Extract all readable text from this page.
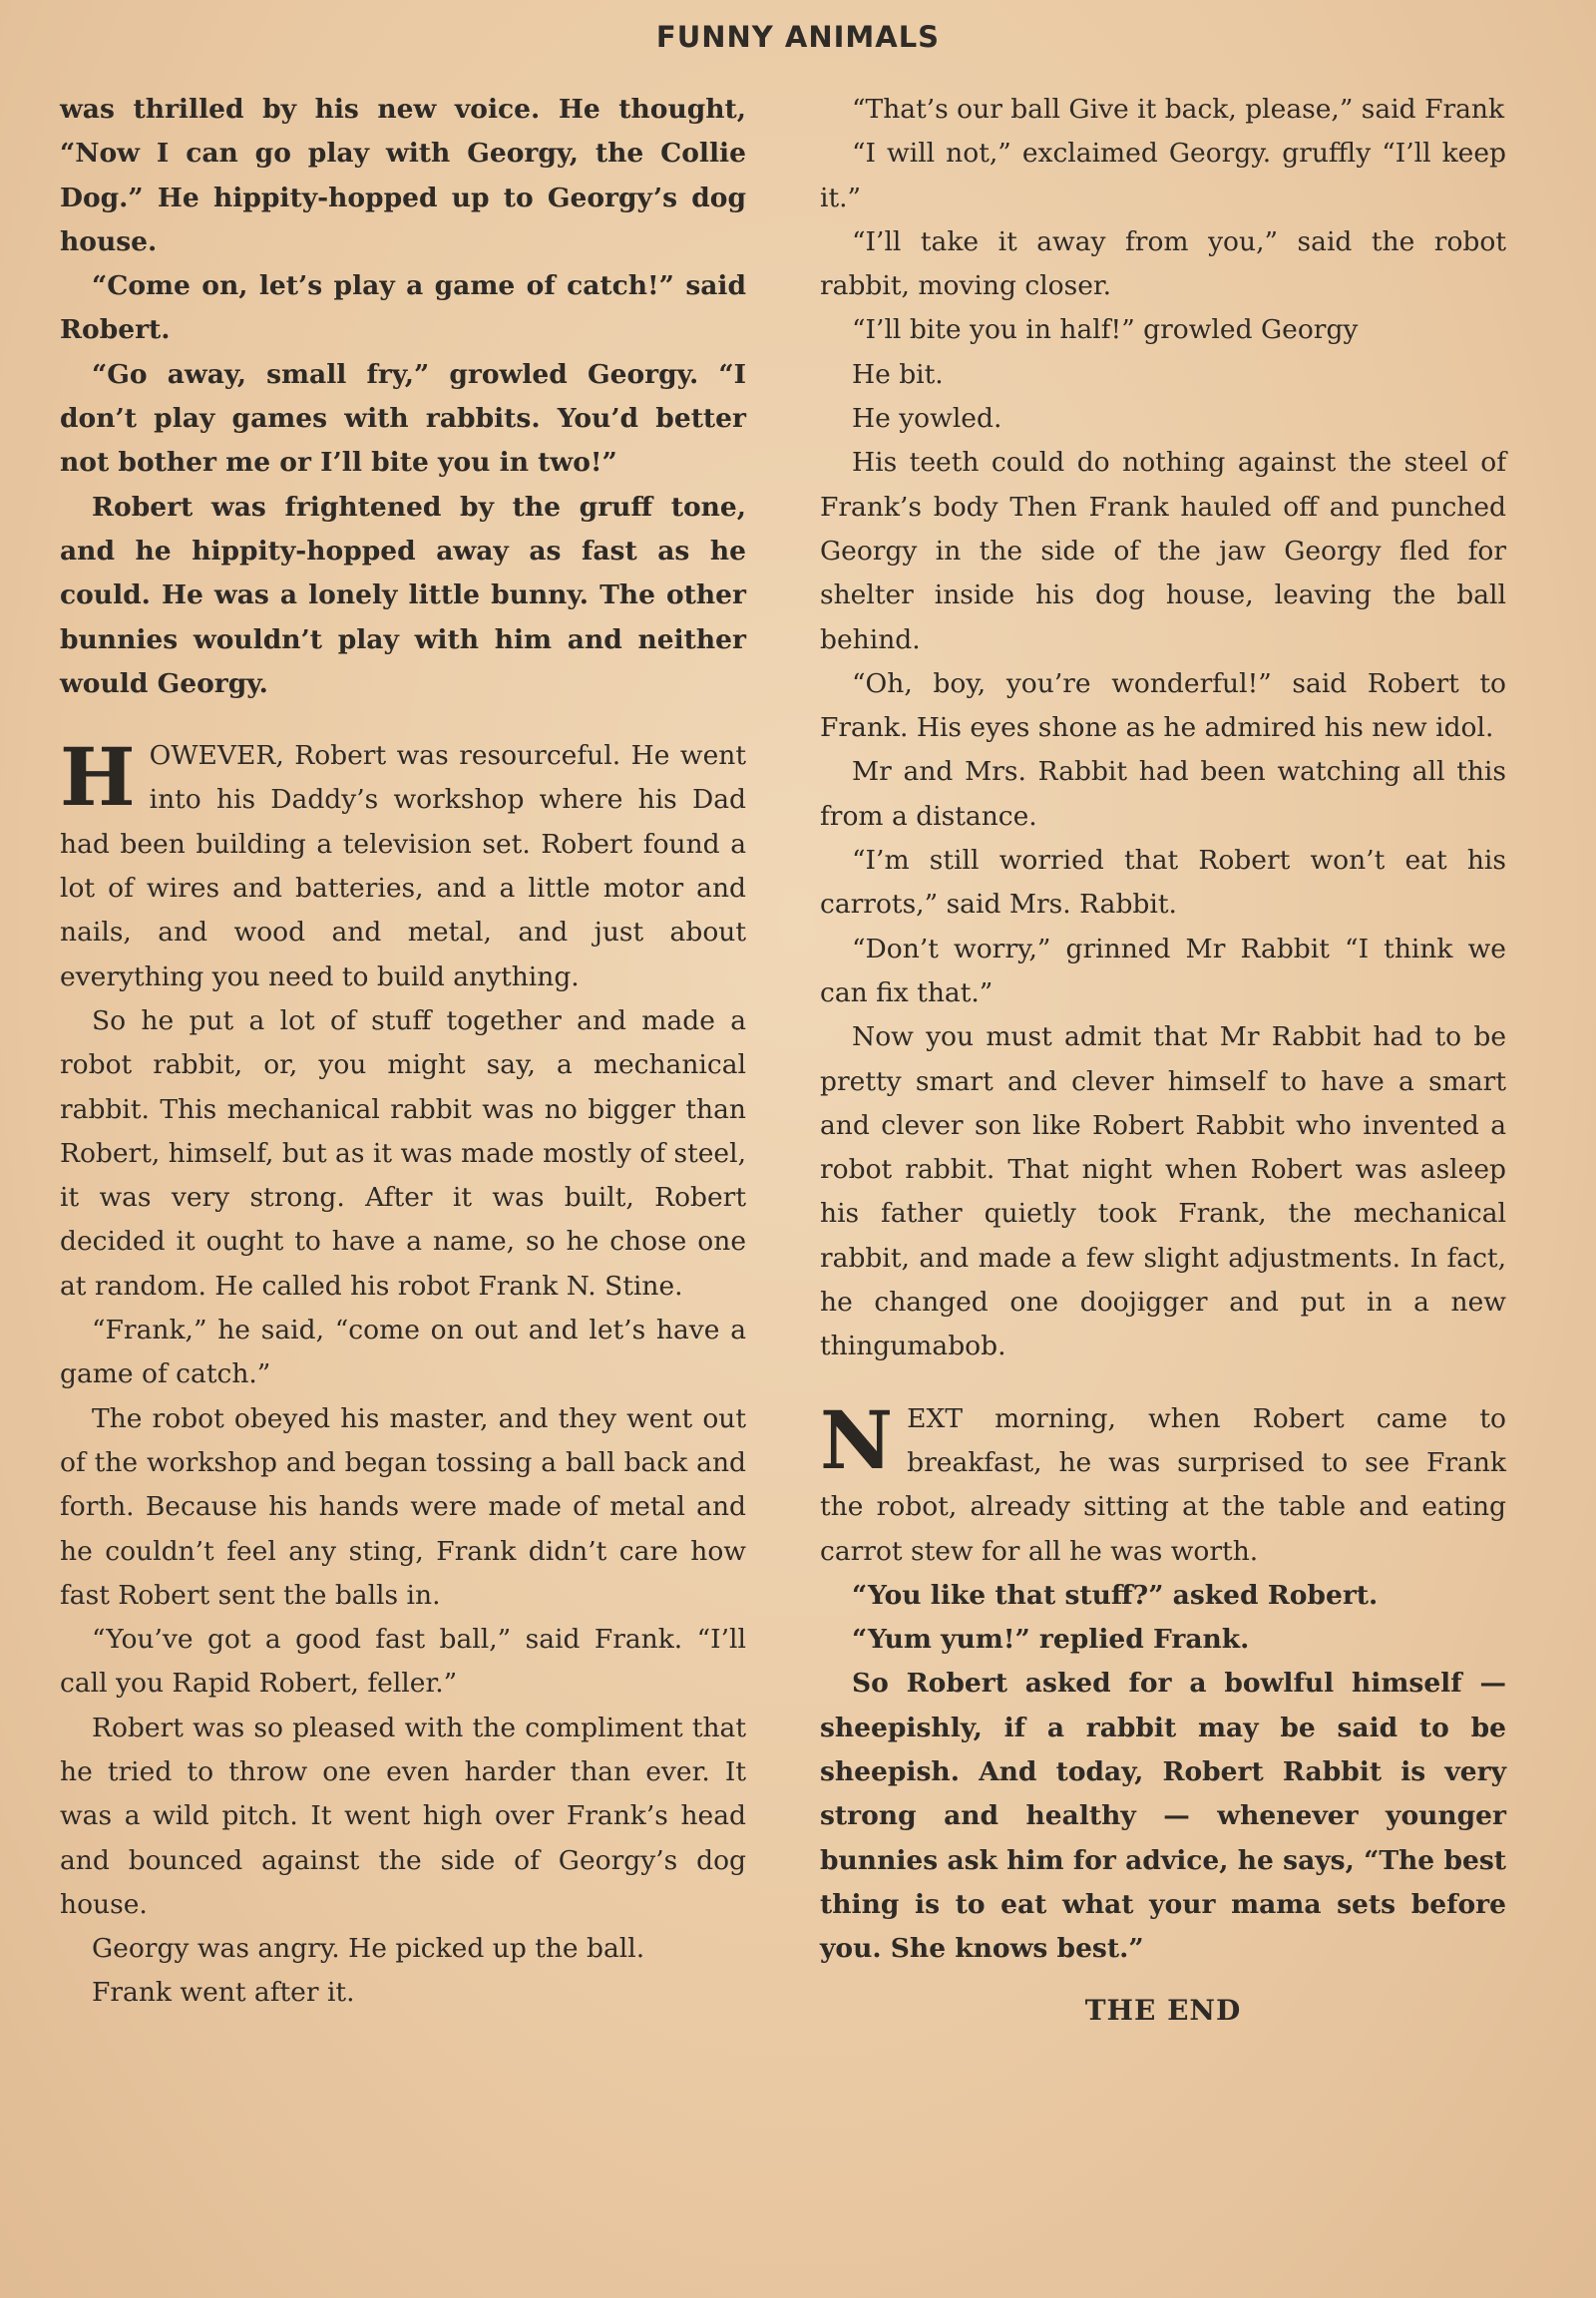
FUNNY ANIMALS

was thrilled by his new voice. He thought, “Now I can go play with Georgy, the Collie Dog.” He hippity-hopped up to Georgy’s dog house.

“Come on, let’s play a game of catch!” said Robert.

“Go away, small fry,” growled Georgy. “I don’t play games with rabbits. You’d better not bother me or I’ll bite you in two!”

Robert was frightened by the gruff tone, and he hippity-hopped away as fast as he could. He was a lonely little bunny. The other bunnies wouldn’t play with him and neither would Georgy.

HOWEVER, Robert was resourceful. He went into his Daddy’s workshop where his Dad had been building a television set. Robert found a lot of wires and batteries, and a little motor and nails, and wood and metal, and just about everything you need to build anything.

So he put a lot of stuff together and made a robot rabbit, or, you might say, a mechanical rabbit. This mechanical rabbit was no bigger than Robert, himself, but as it was made mostly of steel, it was very strong. After it was built, Robert decided it ought to have a name, so he chose one at random. He called his robot Frank N. Stine.

“Frank,” he said, “come on out and let’s have a game of catch.”

The robot obeyed his master, and they went out of the workshop and began tossing a ball back and forth. Because his hands were made of metal and he couldn’t feel any sting, Frank didn’t care how fast Robert sent the balls in.

“You’ve got a good fast ball,” said Frank. “I’ll call you Rapid Robert, feller.”

Robert was so pleased with the compliment that he tried to throw one even harder than ever. It was a wild pitch. It went high over Frank’s head and bounced against the side of Georgy’s dog house.

Georgy was angry. He picked up the ball.

Frank went after it.

“That’s our ball Give it back, please,” said Frank

“I will not,” exclaimed Georgy. gruffly “I’ll keep it.”

“I’ll take it away from you,” said the robot rabbit, moving closer.

“I’ll bite you in half!” growled Georgy

He bit.

He yowled.

His teeth could do nothing against the steel of Frank’s body Then Frank hauled off and punched Georgy in the side of the jaw Georgy fled for shelter inside his dog house, leaving the ball behind.

“Oh, boy, you’re wonderful!” said Robert to Frank. His eyes shone as he admired his new idol.

Mr and Mrs. Rabbit had been watching all this from a distance.

“I’m still worried that Robert won’t eat his carrots,” said Mrs. Rabbit.

“Don’t worry,” grinned Mr Rabbit “I think we can fix that.”

Now you must admit that Mr Rabbit had to be pretty smart and clever himself to have a smart and clever son like Robert Rabbit who invented a robot rabbit. That night when Robert was asleep his father quietly took Frank, the mechanical rabbit, and made a few slight adjustments. In fact, he changed one doojigger and put in a new thingumabob.

NEXT morning, when Robert came to breakfast, he was surprised to see Frank the robot, already sitting at the table and eating carrot stew for all he was worth.

“You like that stuff?” asked Robert.

“Yum yum!” replied Frank.

So Robert asked for a bowlful himself — sheepishly, if a rabbit may be said to be sheepish. And today, Robert Rabbit is very strong and healthy — whenever younger bunnies ask him for advice, he says, “The best thing is to eat what your mama sets before you. She knows best.”

THE END
